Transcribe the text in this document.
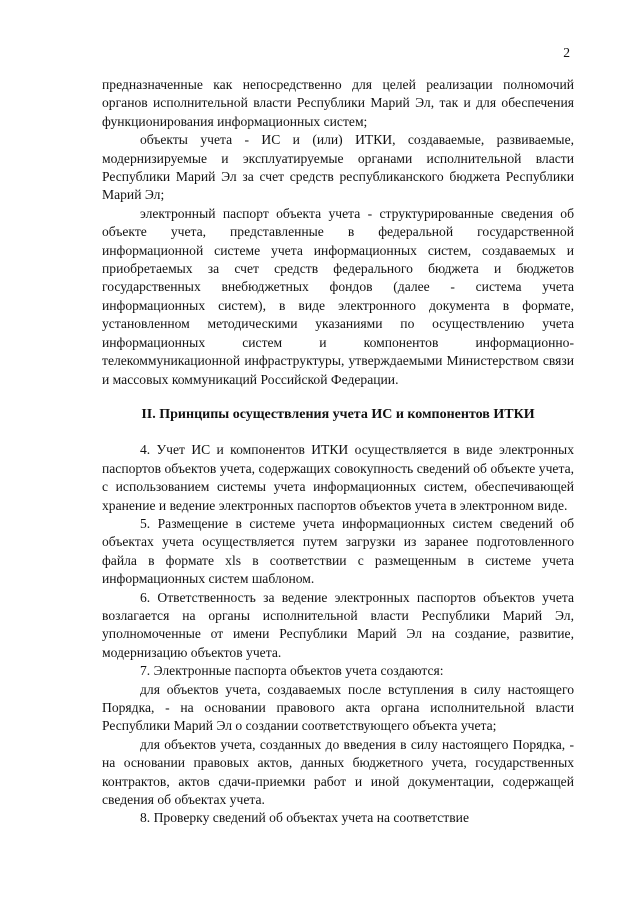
2

предназначенные как непосредственно для целей реализации полномочий органов исполнительной власти Республики Марий Эл, так и для обеспечения функционирования информационных систем;

объекты учета - ИС и (или) ИТКИ, создаваемые, развиваемые, модернизируемые и эксплуатируемые органами исполнительной власти Республики Марий Эл за счет средств республиканского бюджета Республики Марий Эл;

электронный паспорт объекта учета - структурированные сведения об объекте учета, представленные в федеральной государственной информационной системе учета информационных систем, создаваемых и приобретаемых за счет средств федерального бюджета и бюджетов государственных внебюджетных фондов (далее - система учета информационных систем), в виде электронного документа в формате, установленном методическими указаниями по осуществлению учета информационных систем и компонентов информационно-телекоммуникационной инфраструктуры, утверждаемыми Министерством связи и массовых коммуникаций Российской Федерации.

II. Принципы осуществления учета ИС и компонентов ИТКИ

4. Учет ИС и компонентов ИТКИ осуществляется в виде электронных паспортов объектов учета, содержащих совокупность сведений об объекте учета, с использованием системы учета информационных систем, обеспечивающей хранение и ведение электронных паспортов объектов учета в электронном виде.

5. Размещение в системе учета информационных систем сведений об объектах учета осуществляется путем загрузки из заранее подготовленного файла в формате xls в соответствии с размещенным в системе учета информационных систем шаблоном.

6. Ответственность за ведение электронных паспортов объектов учета возлагается на органы исполнительной власти Республики Марий Эл, уполномоченные от имени Республики Марий Эл на создание, развитие, модернизацию объектов учета.

7. Электронные паспорта объектов учета создаются:

для объектов учета, создаваемых после вступления в силу настоящего Порядка, - на основании правового акта органа исполнительной власти Республики Марий Эл о создании соответствующего объекта учета;

для объектов учета, созданных до введения в силу настоящего Порядка, - на основании правовых актов, данных бюджетного учета, государственных контрактов, актов сдачи-приемки работ и иной документации, содержащей сведения об объектах учета.

8. Проверку сведений об объектах учета на соответствие
